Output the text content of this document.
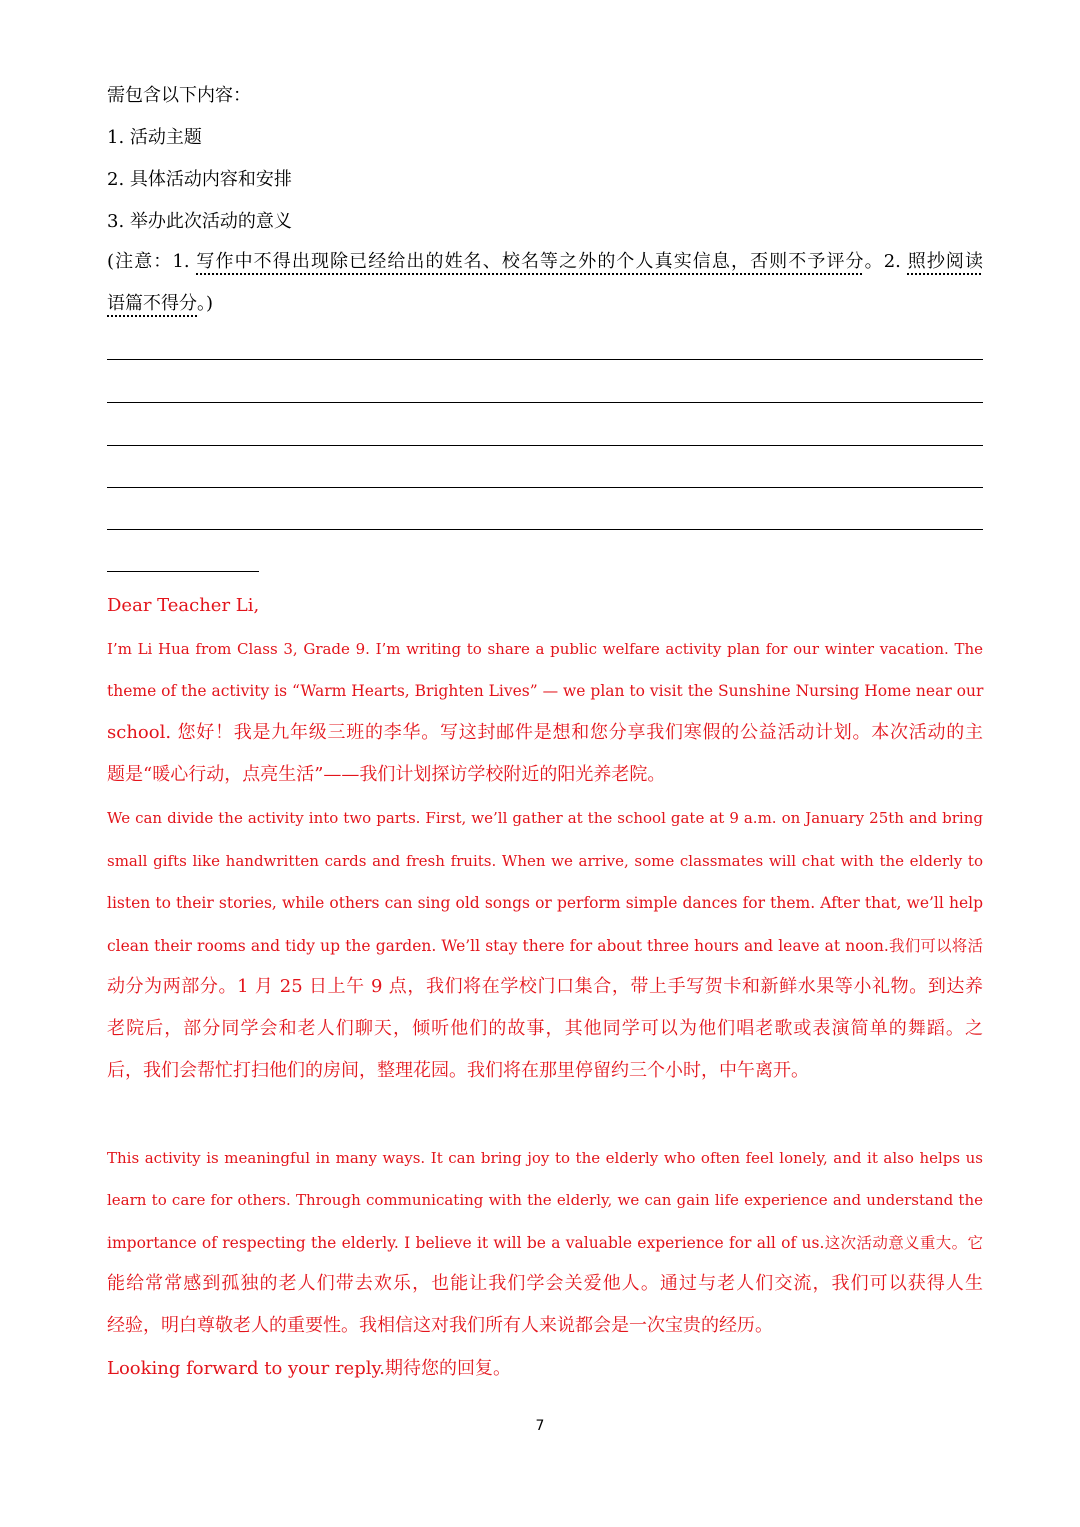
需包含以下内容：
1. 活动主题
2. 具体活动内容和安排
3. 举办此次活动的意义
(注意：1. 写作中不得出现除已经给出的姓名、校名等之外的个人真实信息，否则不予评分。2. 照抄阅读
语篇不得分。)
Dear Teacher Li,
I’m Li Hua from Class 3, Grade 9. I’m writing to share a public welfare activity plan for our winter vacation. The
theme of the activity is “Warm Hearts, Brighten Lives” — we plan to visit the Sunshine Nursing Home near our
school. 您好！我是九年级三班的李华。写这封邮件是想和您分享我们寒假的公益活动计划。本次活动的主
题是“暖心行动，点亮生活”——我们计划探访学校附近的阳光养老院。
We can divide the activity into two parts. First, we’ll gather at the school gate at 9 a.m. on January 25th and bring
small gifts like handwritten cards and fresh fruits. When we arrive, some classmates will chat with the elderly to
listen to their stories, while others can sing old songs or perform simple dances for them. After that, we’ll help
clean their rooms and tidy up the garden. We’ll stay there for about three hours and leave at noon.我们可以将活
动分为两部分。1 月 25 日上午 9 点，我们将在学校门口集合，带上手写贺卡和新鲜水果等小礼物。到达养
老院后，部分同学会和老人们聊天，倾听他们的故事，其他同学可以为他们唱老歌或表演简单的舞蹈。之
后，我们会帮忙打扫他们的房间，整理花园。我们将在那里停留约三个小时，中午离开。
This activity is meaningful in many ways. It can bring joy to the elderly who often feel lonely, and it also helps us
learn to care for others. Through communicating with the elderly, we can gain life experience and understand the
importance of respecting the elderly. I believe it will be a valuable experience for all of us.这次活动意义重大。它
能给常常感到孤独的老人们带去欢乐，也能让我们学会关爱他人。通过与老人们交流，我们可以获得人生
经验，明白尊敬老人的重要性。我相信这对我们所有人来说都会是一次宝贵的经历。
Looking forward to your reply.期待您的回复。
7
